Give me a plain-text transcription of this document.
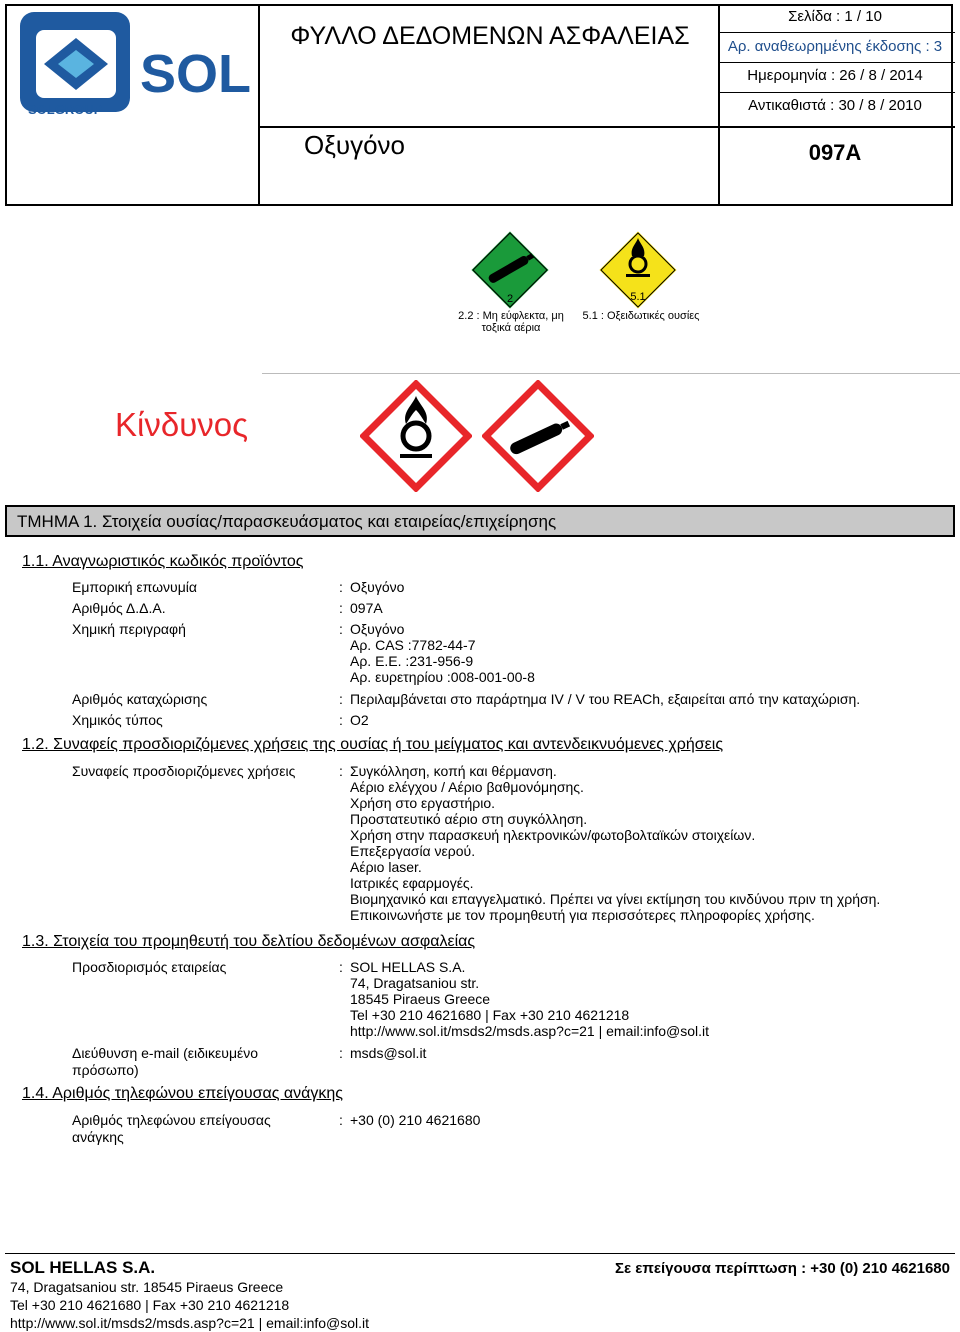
SOL
SOLGROUP
ΦΥΛΛΟ ΔΕΔΟΜΕΝΩΝ ΑΣΦΑΛΕΙΑΣ
Σελίδα : 1 / 10
Αρ. αναθεωρημένης έκδοσης : 3
Ημερομηνία : 26 / 8 / 2014
Αντικαθιστά : 30 / 8 / 2010
Οξυγόνο	097A
2
2.2 : Μη εύφλεκτα, μη τοξικά αέρια
5.1
5.1 : Οξειδωτικές ουσίες
Κίνδυνος
ΤΜΗΜΑ 1. Στοιχεία ουσίας/παρασκευάσματος και εταιρείας/επιχείρησης
1.1. Αναγνωριστικός κωδικός προϊόντος
Εμπορική επωνυμία	: Οξυγόνο
Αριθμός Δ.Δ.Α.	: 097A
Χημική περιγραφή	: Οξυγόνο
Αρ. CAS :7782-44-7
Αρ. Ε.Ε. :231-956-9
Αρ. ευρετηρίου :008-001-00-8
Αριθμός καταχώρισης	: Περιλαμβάνεται στο παράρτημα IV / V του REACh, εξαιρείται από την καταχώριση.
Χημικός τύπος	: O2
1.2. Συναφείς προσδιοριζόμενες χρήσεις της ουσίας ή του μείγματος και αντενδεικνυόμενες χρήσεις
Συναφείς προσδιοριζόμενες χρήσεις	: Συγκόλληση, κοπή και θέρμανση.
Αέριο ελέγχου / Αέριο βαθμονόμησης.
Χρήση στο εργαστήριο.
Προστατευτικό αέριο στη συγκόλληση.
Χρήση στην παρασκευή ηλεκτρονικών/φωτοβολταϊκών στοιχείων.
Επεξεργασία νερού.
Αέριο laser.
Ιατρικές εφαρμογές.
Βιομηχανικό και επαγγελματικό. Πρέπει να γίνει εκτίμηση του κινδύνου πριν τη χρήση.
Επικοινωνήστε με τον προμηθευτή για περισσότερες πληροφορίες χρήσης.
1.3. Στοιχεία του προμηθευτή του δελτίου δεδομένων ασφαλείας
Προσδιορισμός εταιρείας	: SOL HELLAS S.A.
74, Dragatsaniou str.
18545 Piraeus Greece
Tel +30 210 4621680 | Fax +30 210 4621218
http://www.sol.it/msds2/msds.asp?c=21 | email:info@sol.it
Διεύθυνση e-mail (ειδικευμένο πρόσωπο)
: msds@sol.it
1.4. Αριθμός τηλεφώνου επείγουσας ανάγκης
Αριθμός τηλεφώνου επείγουσας ανάγκης
: +30 (0) 210 4621680
SOL HELLAS S.A.
74, Dragatsaniou str. 18545 Piraeus Greece
Tel +30 210 4621680 | Fax +30 210 4621218
http://www.sol.it/msds2/msds.asp?c=21 | email:info@sol.it
Σε επείγουσα περίπτωση : +30 (0) 210 4621680
